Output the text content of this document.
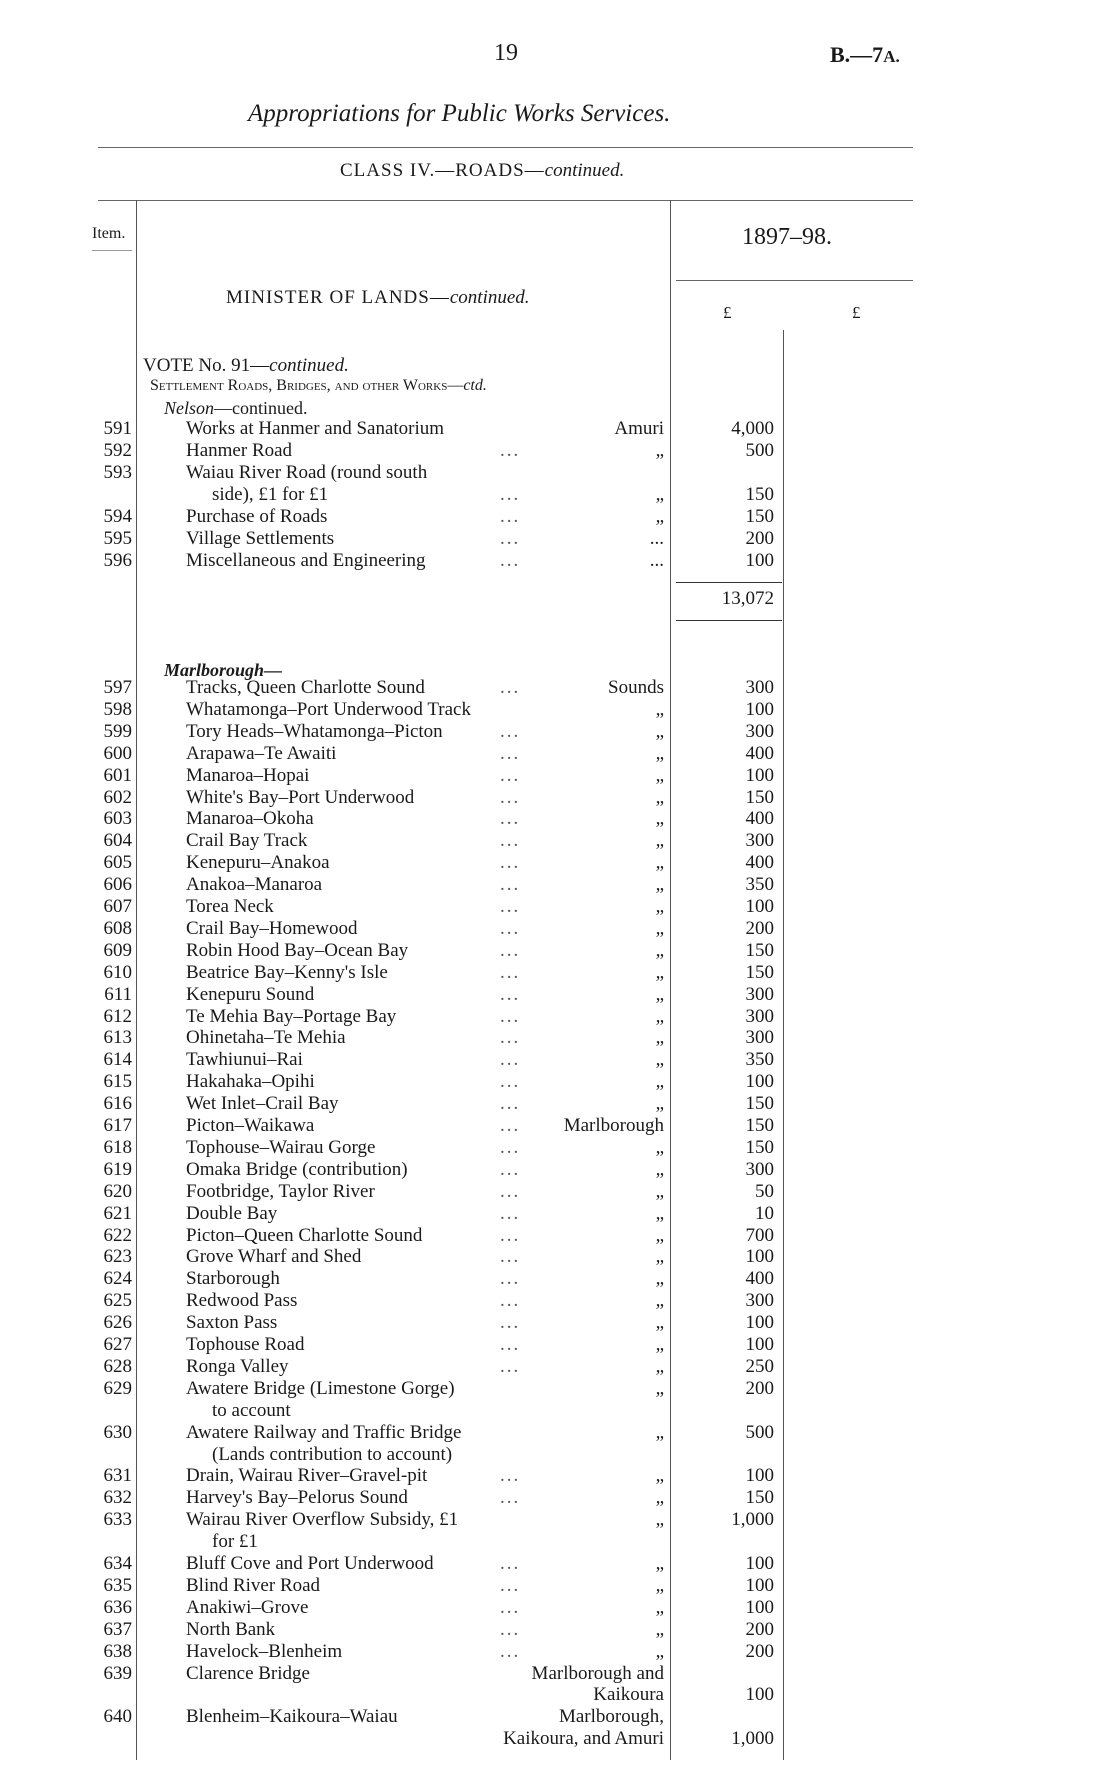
19	B.—7A.
Appropriations for Public Works Services.
CLASS IV.—ROADS—continued.
Item.	1897–98.
MINISTER OF LANDS—continued.
£	£
VOTE No. 91—continued.
Settlement Roads, Bridges, and other Works—ctd.
Nelson—continued.
591	Works at Hanmer and Sanatorium	Amuri	4,000
592	Hanmer Road	...	„	500
593	Waiau River Road (round south
side), £1 for £1	...	„	150
594	Purchase of Roads	...	„	150
595	Village Settlements	...	...	200
596	Miscellaneous and Engineering	...	...	100
13,072
Marlborough—
597	Tracks, Queen Charlotte Sound	...	Sounds	300
598	Whatamonga–Port Underwood Track	„	100
599	Tory Heads–Whatamonga–Picton	...	„	300
600	Arapawa–Te Awaiti	...	„	400
601	Manaroa–Hopai	...	„	100
602	White's Bay–Port Underwood	...	„	150
603	Manaroa–Okoha	...	„	400
604	Crail Bay Track	...	„	300
605	Kenepuru–Anakoa	...	„	400
606	Anakoa–Manaroa	...	„	350
607	Torea Neck	...	„	100
608	Crail Bay–Homewood	...	„	200
609	Robin Hood Bay–Ocean Bay	...	„	150
610	Beatrice Bay–Kenny's Isle	...	„	150
611	Kenepuru Sound	...	„	300
612	Te Mehia Bay–Portage Bay	...	„	300
613	Ohinetaha–Te Mehia	...	„	300
614	Tawhiunui–Rai	...	„	350
615	Hakahaka–Opihi	...	„	100
616	Wet Inlet–Crail Bay	...	„	150
617	Picton–Waikawa	... Marlborough	150
618	Tophouse–Wairau Gorge	...	„	150
619	Omaka Bridge (contribution)	...	„	300
620	Footbridge, Taylor River	...	„	50
621	Double Bay	...	„	10
622	Picton–Queen Charlotte Sound	...	„	700
623	Grove Wharf and Shed	...	„	100
624	Starborough	...	„	400
625	Redwood Pass	...	„	300
626	Saxton Pass	...	„	100
627	Tophouse Road	...	„	100
628	Ronga Valley	...	„	250
629	Awatere Bridge (Limestone Gorge)	„	200
to account
630	Awatere Railway and Traffic Bridge	„	500
(Lands contribution to account)
631	Drain, Wairau River–Gravel-pit	...	„	100
632	Harvey's Bay–Pelorus Sound	...	„	150
633	Wairau River Overflow Subsidy, £1	„	1,000
for £1
634	Bluff Cove and Port Underwood	...	„	100
635	Blind River Road	...	„	100
636	Anakiwi–Grove	...	„	100
637	North Bank	...	„	200
638	Havelock–Blenheim	...	„	200
639	Clarence Bridge	Marlborough and
Kaikoura	100
640	Blenheim–Kaikoura–Waiau	Marlborough,
Kaikoura, and Amuri	1,000
